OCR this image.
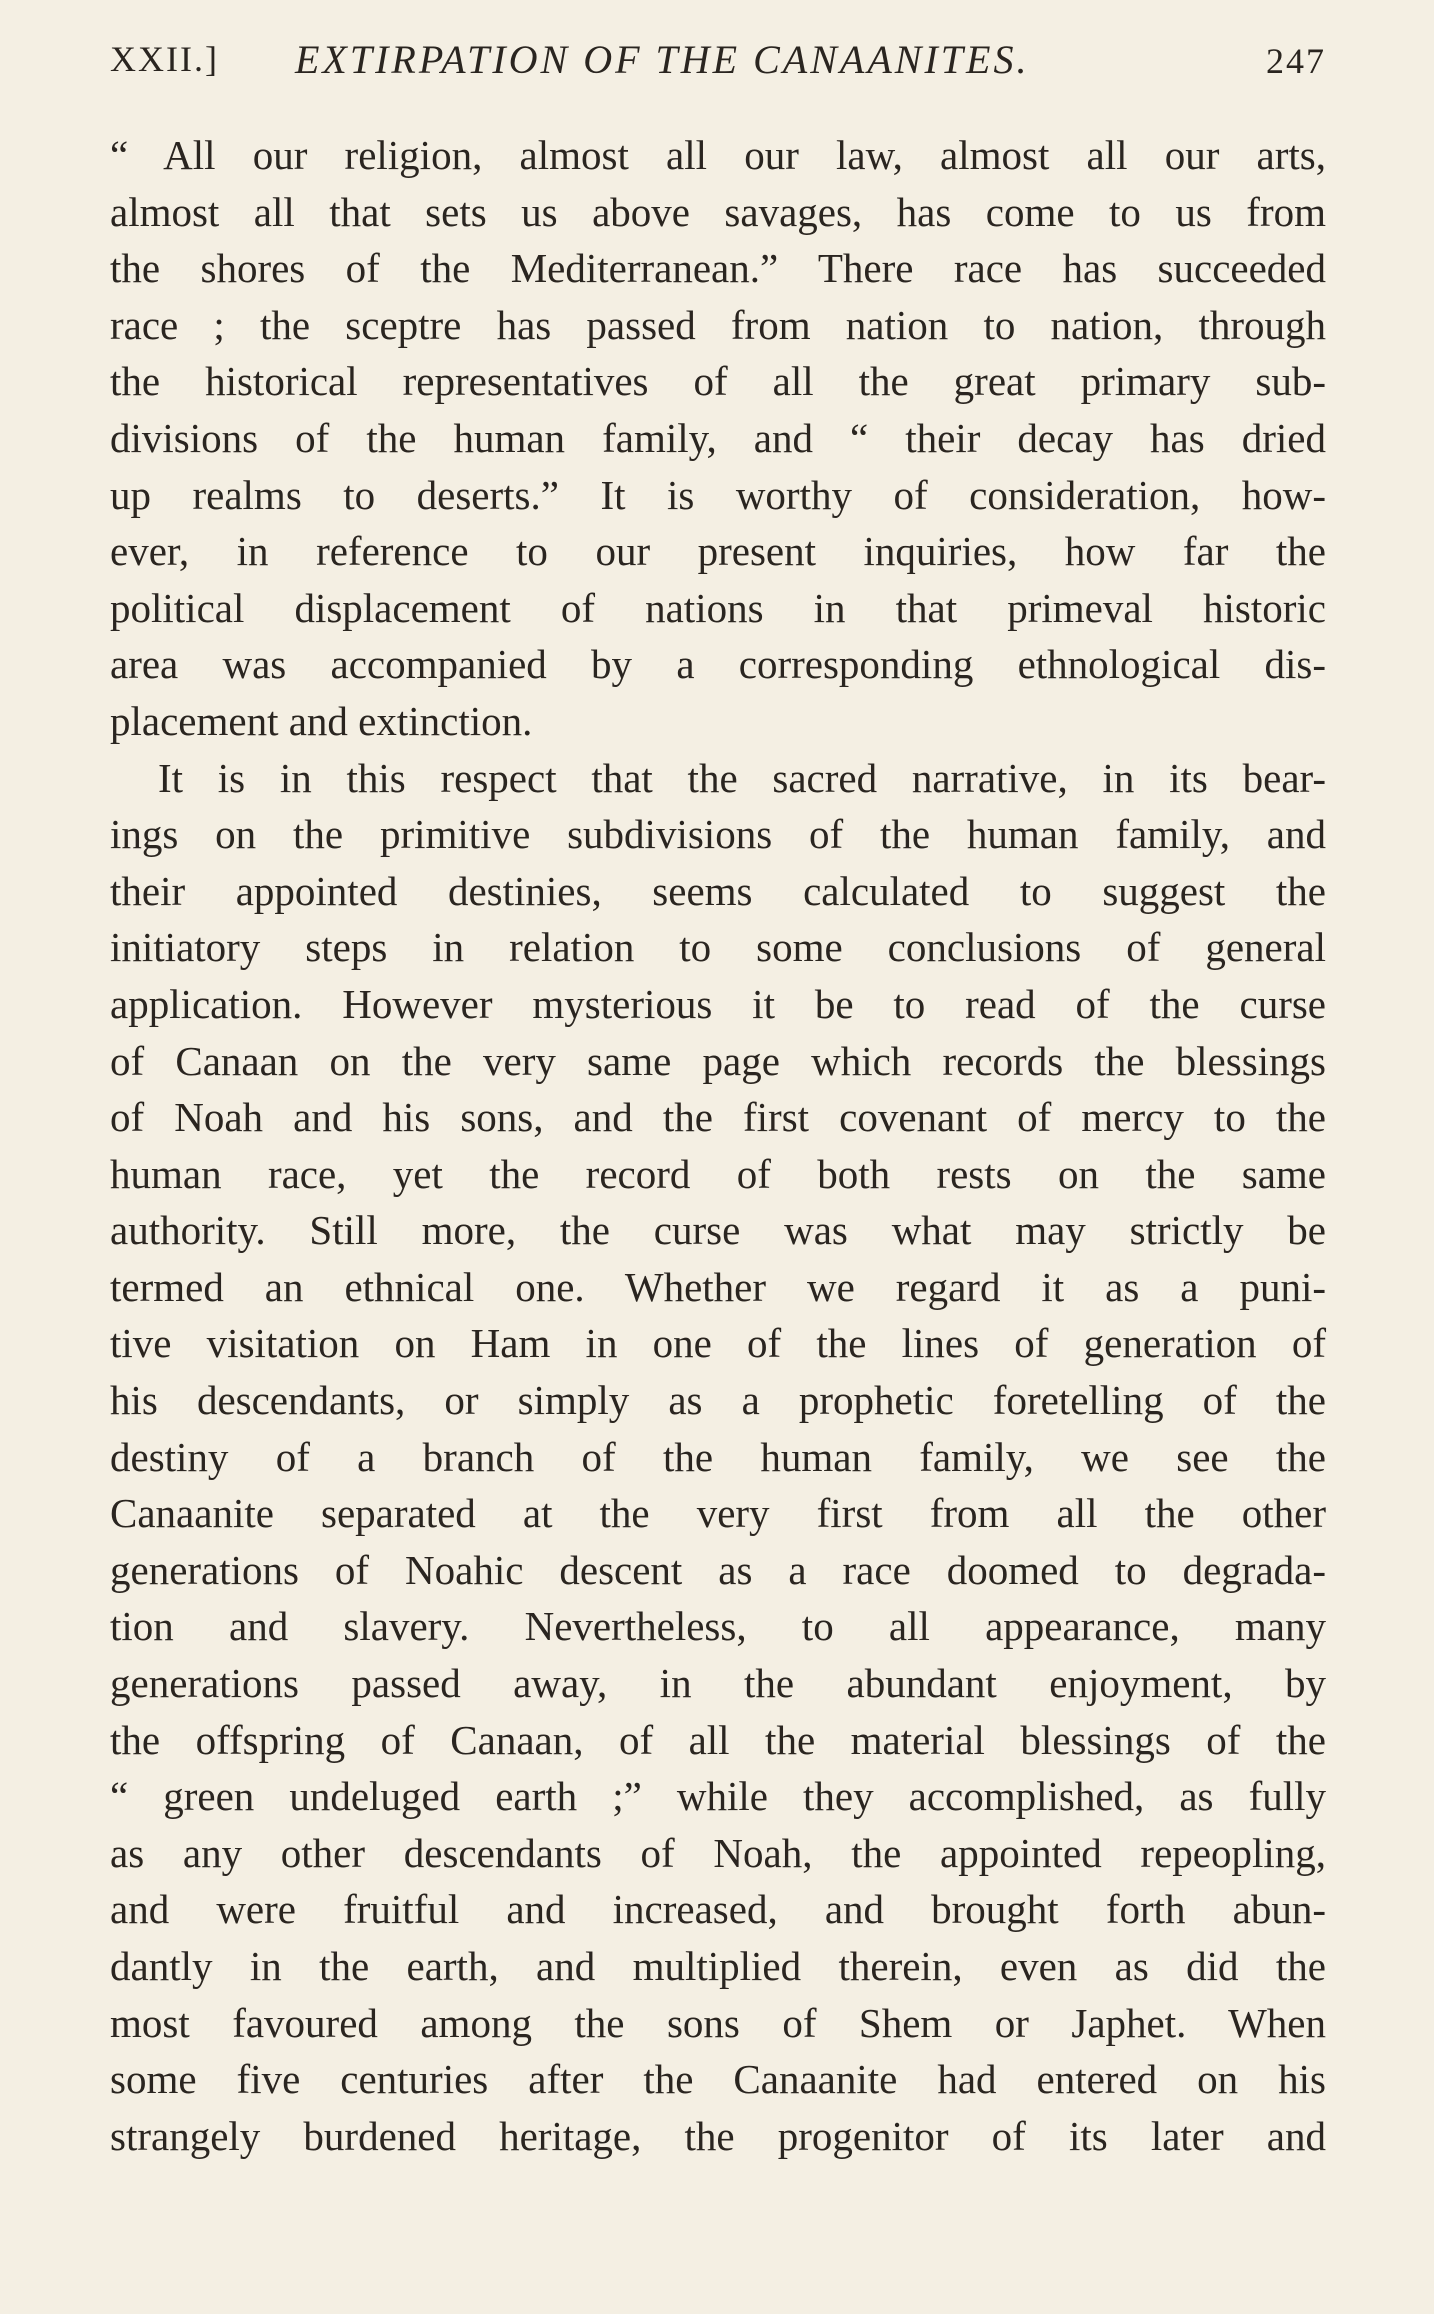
XXII.] EXTIRPATION OF THE CANAANITES.	247
“ All our religion, almost all our law, almost all our arts,
almost all that sets us above savages, has come to us from
the shores of the Mediterranean.” There race has succeeded
race ; the sceptre has passed from nation to nation, through
the historical representatives of all the great primary sub-
divisions of the human family, and “ their decay has dried
up realms to deserts.” It is worthy of consideration, how-
ever, in reference to our present inquiries, how far the
political displacement of nations in that primeval historic
area was accompanied by a corresponding ethnological dis-
placement and extinction.
It is in this respect that the sacred narrative, in its bear-
ings on the primitive subdivisions of the human family, and
their appointed destinies, seems calculated to suggest the
initiatory steps in relation to some conclusions of general
application. However mysterious it be to read of the curse
of Canaan on the very same page which records the blessings
of Noah and his sons, and the first covenant of mercy to the
human race, yet the record of both rests on the same
authority. Still more, the curse was what may strictly be
termed an ethnical one. Whether we regard it as a puni-
tive visitation on Ham in one of the lines of generation of
his descendants, or simply as a prophetic foretelling of the
destiny of a branch of the human family, we see the
Canaanite separated at the very first from all the other
generations of Noahic descent as a race doomed to degrada-
tion and slavery. Nevertheless, to all appearance, many
generations passed away, in the abundant enjoyment, by
the offspring of Canaan, of all the material blessings of the
“ green undeluged earth ;” while they accomplished, as fully
as any other descendants of Noah, the appointed repeopling,
and were fruitful and increased, and brought forth abun-
dantly in the earth, and multiplied therein, even as did the
most favoured among the sons of Shem or Japhet. When
some five centuries after the Canaanite had entered on his
strangely burdened heritage, the progenitor of its later and
